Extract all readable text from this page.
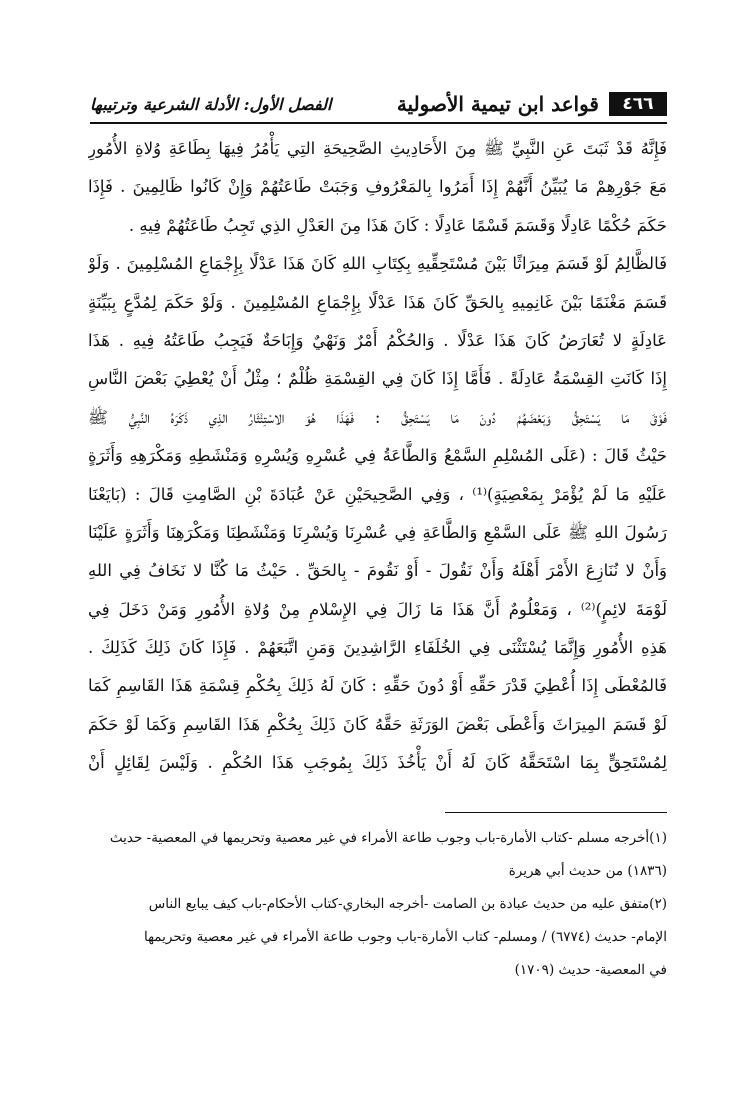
٤٦٦
قواعد ابن تيمية الأصولية
الفصل الأول: الأدلة الشرعية وترتيبها
فَإِنَّهُ قَدْ ثَبَتَ عَنِ النَّبِيِّ ﷺ مِنَ الأَحَادِيثِ الصَّحِيحَةِ التِي يَأْمُرُ فِيهَا بِطَاعَةِ وُلاةِ الأُمُورِ
مَعَ جَوْرِهِمْ مَا يُبَيِّنُ أَنَّهُمْ إِذَا أَمَرُوا بِالمَعْرُوفِ وَجَبَتْ طَاعَتُهُمْ وَإِنْ كَانُوا ظَالِمِينَ . فَإِذَا
حَكَمَ حُكْمًا عَادِلًا وَقَسَمَ قَسْمًا عَادِلًا : كَانَ هَذَا مِنَ العَدْلِ الذِي تَجِبُ طَاعَتُهُمْ فِيهِ .
فَالظَّالِمُ لَوْ قَسَمَ مِيرَاثًا بَيْنَ مُسْتَحِقِّيهِ بِكِتَابِ اللهِ كَانَ هَذَا عَدْلًا بِإِجْمَاعِ المُسْلِمِينَ . وَلَوْ
قَسَمَ مَغْنَمًا بَيْنَ غَانِمِيهِ بِالحَقِّ كَانَ هَذَا عَدْلًا بِإِجْمَاعِ المُسْلِمِينَ . وَلَوْ حَكَمَ لِمُدَّعٍ بِبَيِّنَةٍ
عَادِلَةٍ لا تُعَارَضُ كَانَ هَذَا عَدْلًا . وَالحُكْمُ أَمْرٌ وَنَهْيٌ وَإِبَاحَةٌ فَيَجِبُ طَاعَتُهُ فِيهِ . هَذَا
إِذَا كَانَتِ القِسْمَةُ عَادِلَةً . فَأَمَّا إِذَا كَانَ فِي القِسْمَةِ ظُلْمٌ ؛ مِثْلُ أَنْ يُعْطِيَ بَعْضَ النَّاسِ
فَوْقَ مَا يَسْتَحِقُّ وَبَعْضَهُمْ دُونَ مَا يَسْتَحِقُّ : فَهَذَا هُوَ الاسْتِئْثَارُ الذِي ذَكَرَهُ النَّبِيُّ ﷺ
حَيْثُ قَالَ : (عَلَى المُسْلِمِ السَّمْعُ وَالطَّاعَةُ فِي عُسْرِهِ وَيُسْرِهِ وَمَنْشَطِهِ وَمَكْرَهِهِ وَأَثَرَةٍ
عَلَيْهِ مَا لَمْ يُؤْمَرْ بِمَعْصِيَةٍ)⁽¹⁾ ، وَفِي الصَّحِيحَيْنِ عَنْ عُبَادَةَ بْنِ الصَّامِتِ قَالَ : (بَايَعْنَا
رَسُولَ اللهِ ﷺ عَلَى السَّمْعِ وَالطَّاعَةِ فِي عُسْرِنَا وَيُسْرِنَا وَمَنْشَطِنَا وَمَكْرَهِنَا وَأَثَرَةٍ عَلَيْنَا
وَأَنْ لا نُنَازِعَ الأَمْرَ أَهْلَهُ وَأَنْ نَقُولَ - أَوْ نَقُومَ - بِالحَقِّ . حَيْثُ مَا كُنَّا لا نَخَافُ فِي اللهِ
لَوْمَةَ لائِمٍ)⁽²⁾ ، وَمَعْلُومٌ أَنَّ هَذَا مَا زَالَ فِي الإِسْلامِ مِنْ وُلاةِ الأُمُورِ وَمَنْ دَخَلَ فِي
هَذِهِ الأُمُورِ وَإِنَّمَا يُسْتَثْنَى فِي الخُلَفَاءِ الرَّاشِدِينَ وَمَنِ اتَّبَعَهُمْ . فَإِذَا كَانَ ذَلِكَ كَذَلِكَ .
فَالمُعْطَى إِذَا أُعْطِيَ قَدْرَ حَقِّهِ أَوْ دُونَ حَقِّهِ : كَانَ لَهُ ذَلِكَ بِحُكْمِ قِسْمَةِ هَذَا القَاسِمِ كَمَا
لَوْ قَسَمَ المِيرَاثَ وَأَعْطَى بَعْضَ الوَرَثَةِ حَقَّهُ كَانَ ذَلِكَ بِحُكْمِ هَذَا القَاسِمِ وَكَمَا لَوْ حَكَمَ
لِمُسْتَحِقٍّ بِمَا اسْتَحَقَّهُ كَانَ لَهُ أَنْ يَأْخُذَ ذَلِكَ بِمُوجَبِ هَذَا الحُكْمِ . وَلَيْسَ لِقَائِلٍ أَنْ
(١)أخرجه مسلم -كتاب الأمارة-باب وجوب طاعة الأمراء في غير معصية وتحريمها في المعصية- حديث
(١٨٣٦) من حديث أبي هريرة
(٢)متفق عليه من حديث عبادة بن الصامت -أخرجه البخاري-كتاب الأحكام-باب كيف يبايع الناس
الإمام- حديث (٦٧٧٤) / ومسلم- كتاب الأمارة-باب وجوب طاعة الأمراء في غير معصية وتحريمها
في المعصية- حديث (١٧٠٩)
